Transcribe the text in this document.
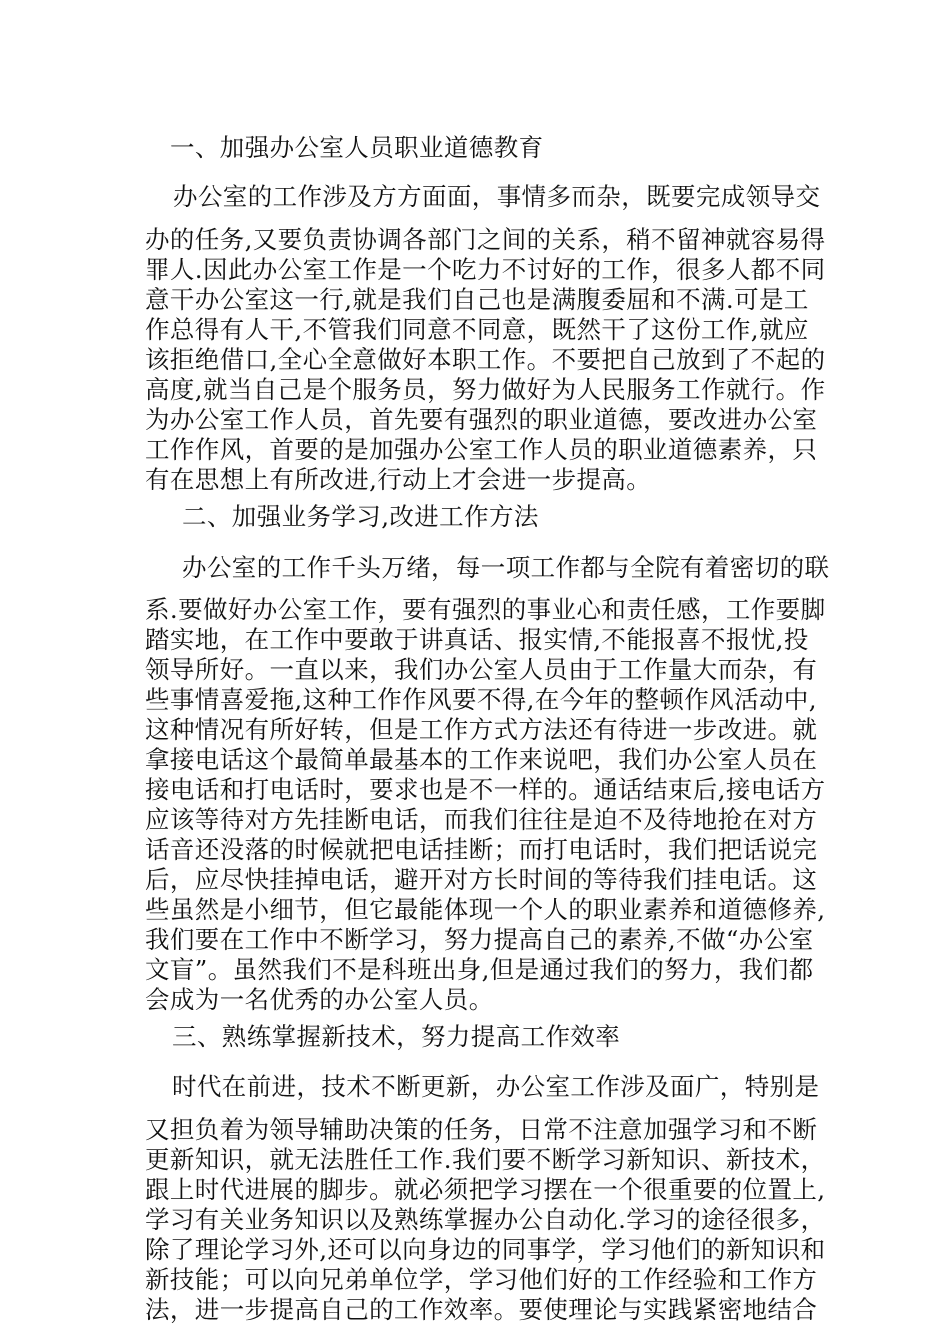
一、加强办公室人员职业道德教育

办公室的工作涉及方方面面，事情多而杂，既要完成领导交

办的任务,又要负责协调各部门之间的关系，稍不留神就容易得

罪人.因此办公室工作是一个吃力不讨好的工作，很多人都不同

意干办公室这一行,就是我们自己也是满腹委屈和不满.可是工

作总得有人干,不管我们同意不同意，既然干了这份工作,就应

该拒绝借口,全心全意做好本职工作。不要把自己放到了不起的

高度,就当自己是个服务员，努力做好为人民服务工作就行。作

为办公室工作人员，首先要有强烈的职业道德，要改进办公室

工作作风，首要的是加强办公室工作人员的职业道德素养，只

有在思想上有所改进,行动上才会进一步提高。

二、加强业务学习,改进工作方法

办公室的工作千头万绪，每一项工作都与全院有着密切的联

系.要做好办公室工作，要有强烈的事业心和责任感，工作要脚

踏实地，在工作中要敢于讲真话、报实情,不能报喜不报忧,投

领导所好。一直以来，我们办公室人员由于工作量大而杂，有

些事情喜爱拖,这种工作作风要不得,在今年的整顿作风活动中,

这种情况有所好转，但是工作方式方法还有待进一步改进。就

拿接电话这个最简单最基本的工作来说吧，我们办公室人员在

接电话和打电话时，要求也是不一样的。通话结束后,接电话方

应该等待对方先挂断电话，而我们往往是迫不及待地抢在对方

话音还没落的时候就把电话挂断；而打电话时，我们把话说完

后，应尽快挂掉电话，避开对方长时间的等待我们挂电话。这

些虽然是小细节，但它最能体现一个人的职业素养和道德修养,

我们要在工作中不断学习，努力提高自己的素养,不做“办公室

文盲”。虽然我们不是科班出身,但是通过我们的努力，我们都

会成为一名优秀的办公室人员。

三、熟练掌握新技术，努力提高工作效率

时代在前进，技术不断更新，办公室工作涉及面广，特别是

又担负着为领导辅助决策的任务，日常不注意加强学习和不断

更新知识，就无法胜任工作.我们要不断学习新知识、新技术，

跟上时代进展的脚步。就必须把学习摆在一个很重要的位置上,

学习有关业务知识以及熟练掌握办公自动化.学习的途径很多，

除了理论学习外,还可以向身边的同事学，学习他们的新知识和

新技能；可以向兄弟单位学，学习他们好的工作经验和工作方

法，进一步提高自己的工作效率。要使理论与实践紧密地结合
